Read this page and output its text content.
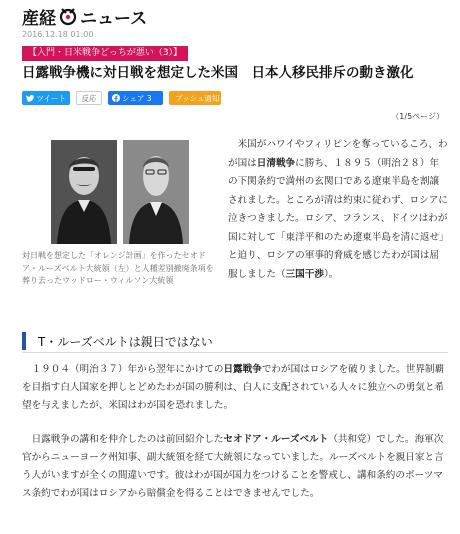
産経 ニュース
2016.12.18 01:00
【入門・日米戦争どっちが悪い（3）】
日露戦争機に対日戦を想定した米国　日本人移民排斥の動き激化
ツイート 反応	シェア 3	プッシュ通知
（1/5ページ）

対日戦を想定した「オレンジ計画」を作ったセオドア・ルーズベルト大統領（左）と人種差別撤廃条項を葬り去ったウッドロー・ウィルソン大統領

　米国がハワイやフィリピンを奪っているころ、わが国は日清戦争に勝ち、１８９５（明治２８）年の下関条約で満州の玄関口である遼東半島を割譲されました。ところが清は約束に従わず、ロシアに泣きつきました。ロシア、フランス、ドイツはわが国に対して「東洋平和のため遼東半島を清に返せ」と迫り、ロシアの軍事的脅威を感じたわが国は屈服しました（三国干渉）。
T・ルーズベルトは親日ではない

　１９０４（明治３７）年から翌年にかけての日露戦争でわが国はロシアを破りました。世界制覇を目指す白人国家を押しとどめたわが国の勝利は、白人に支配されている人々に独立への勇気と希望を与えましたが、米国はわが国を恐れました。

　日露戦争の講和を仲介したのは前回紹介したセオドア・ルーズベルト（共和党）でした。海軍次官からニューヨーク州知事、副大統領を経て大統領になっていました。ルーズベルトを親日家と言う人がいますが全くの間違いです。彼はわが国が国力をつけることを警戒し、講和条約のポーツマス条約でわが国はロシアから賠償金を得ることはできませんでした。
